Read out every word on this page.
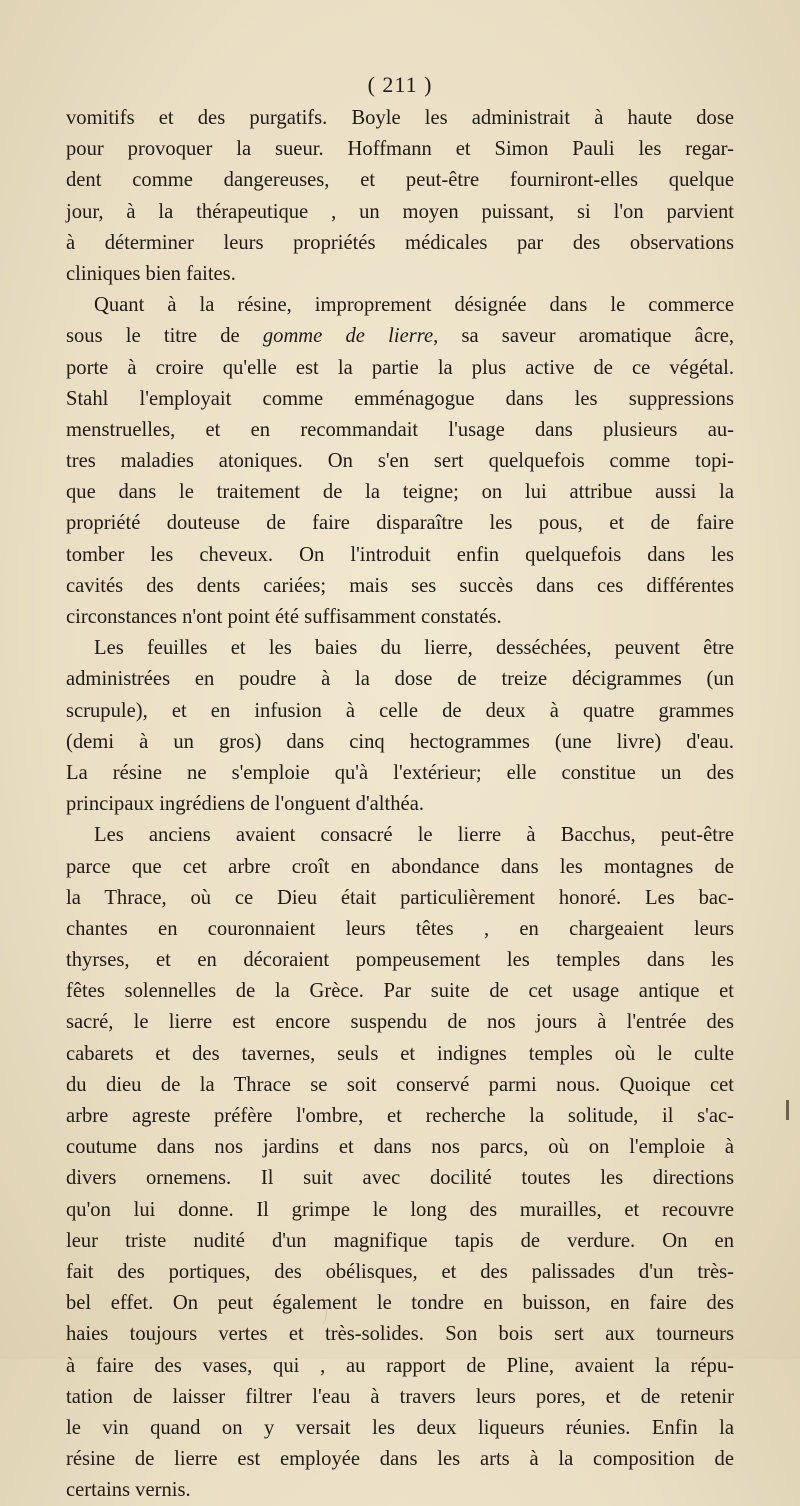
( 211 )
vomitifs et des purgatifs. Boyle les administrait à haute dose
pour provoquer la sueur. Hoffmann et Simon Pauli les regar-
dent comme dangereuses, et peut-être fourniront-elles quelque
jour, à la thérapeutique , un moyen puissant, si l'on parvient
à déterminer leurs propriétés médicales par des observations
cliniques bien faites.
Quant à la résine, improprement désignée dans le commerce
sous le titre de gomme de lierre, sa saveur aromatique âcre,
porte à croire qu'elle est la partie la plus active de ce végétal.
Stahl l'employait comme emménagogue dans les suppressions
menstruelles, et en recommandait l'usage dans plusieurs au-
tres maladies atoniques. On s'en sert quelquefois comme topi-
que dans le traitement de la teigne; on lui attribue aussi la
propriété douteuse de faire disparaître les pous, et de faire
tomber les cheveux. On l'introduit enfin quelquefois dans les
cavités des dents cariées; mais ses succès dans ces différentes
circonstances n'ont point été suffisamment constatés.
Les feuilles et les baies du lierre, desséchées, peuvent être
administrées en poudre à la dose de treize décigrammes (un
scrupule), et en infusion à celle de deux à quatre grammes
(demi à un gros) dans cinq hectogrammes (une livre) d'eau.
La résine ne s'emploie qu'à l'extérieur; elle constitue un des
principaux ingrédiens de l'onguent d'althéa.
Les anciens avaient consacré le lierre à Bacchus, peut-être
parce que cet arbre croît en abondance dans les montagnes de
la Thrace, où ce Dieu était particulièrement honoré. Les bac-
chantes en couronnaient leurs têtes , en chargeaient leurs
thyrses, et en décoraient pompeusement les temples dans les
fêtes solennelles de la Grèce. Par suite de cet usage antique et
sacré, le lierre est encore suspendu de nos jours à l'entrée des
cabarets et des tavernes, seuls et indignes temples où le culte
du dieu de la Thrace se soit conservé parmi nous. Quoique cet
arbre agreste préfère l'ombre, et recherche la solitude, il s'ac-
coutume dans nos jardins et dans nos parcs, où on l'emploie à
divers ornemens. Il suit avec docilité toutes les directions
qu'on lui donne. Il grimpe le long des murailles, et recouvre
leur triste nudité d'un magnifique tapis de verdure. On en
fait des portiques, des obélisques, et des palissades d'un très-
bel effet. On peut également le tondre en buisson, en faire des
haies toujours vertes et très-solides. Son bois sert aux tourneurs
à faire des vases, qui , au rapport de Pline, avaient la répu-
tation de laisser filtrer l'eau à travers leurs pores, et de retenir
le vin quand on y versait les deux liqueurs réunies. Enfin la
résine de lierre est employée dans les arts à la composition de
certains vernis.
